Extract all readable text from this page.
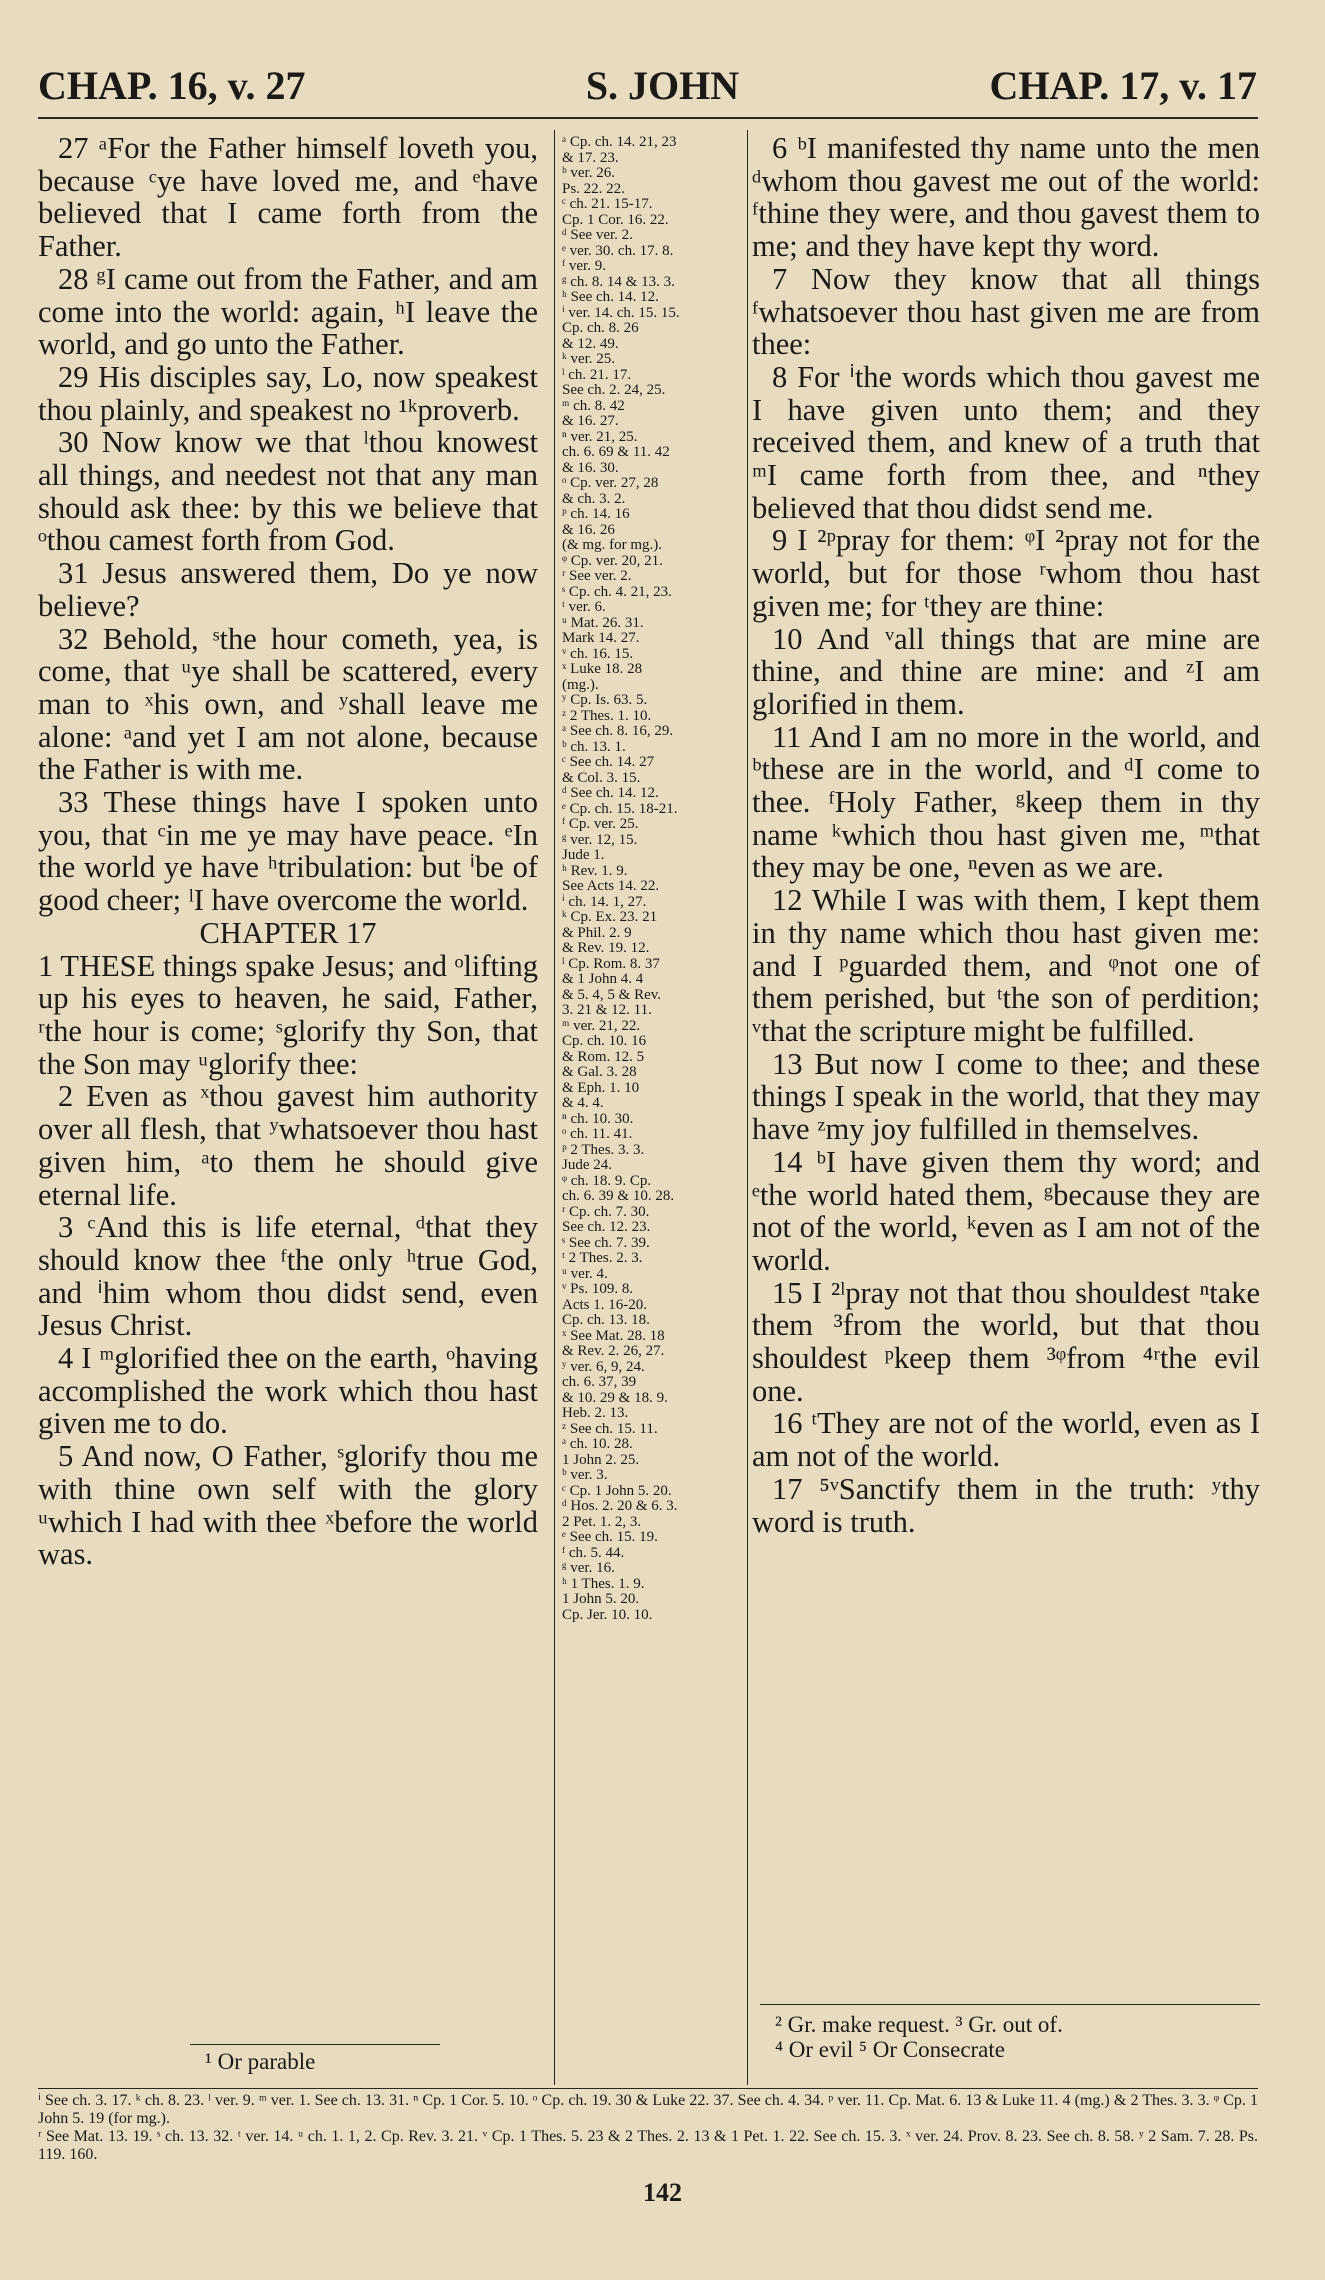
CHAP. 16, v. 27	S. JOHN	CHAP. 17, v. 17

27 ᵃFor the Father himself loveth you, because ᶜye have loved me, and ᵉhave believed that I came forth from the Father.

28 ᵍI came out from the Father, and am come into the world: again, ʰI leave the world, and go unto the Father.

29 His disciples say, Lo, now speakest thou plainly, and speakest no ¹ᵏproverb.

30 Now know we that ˡthou knowest all things, and needest not that any man should ask thee: by this we believe that ᵒthou camest forth from God.

31 Jesus answered them, Do ye now believe?

32 Behold, ˢthe hour cometh, yea, is come, that ᵘye shall be scattered, every man to ˣhis own, and ʸshall leave me alone: ᵃand yet I am not alone, because the Father is with me.

33 These things have I spoken unto you, that ᶜin me ye may have peace. ᵉIn the world ye have ʰtribulation: but ⁱbe of good cheer; ˡI have overcome the world.

CHAPTER 17

1 THESE things spake Jesus; and ᵒlifting up his eyes to heaven, he said, Father, ʳthe hour is come; ˢglorify thy Son, that the Son may ᵘglorify thee:

2 Even as ˣthou gavest him authority over all flesh, that ʸwhatsoever thou hast given him, ᵃto them he should give eternal life.

3 ᶜAnd this is life eternal, ᵈthat they should know thee ᶠthe only ʰtrue God, and ⁱhim whom thou didst send, even Jesus Christ.

4 I ᵐglorified thee on the earth, ᵒhaving accomplished the work which thou hast given me to do.

5 And now, O Father, ˢglorify thou me with thine own self with the glory ᵘwhich I had with thee ˣbefore the world was.

¹ Or parable

ᵃ Cp. ch. 14. 21, 23
& 17. 23.
ᵇ ver. 26.
Ps. 22. 22.
ᶜ ch. 21. 15-17.
Cp. 1 Cor. 16. 22.
ᵈ See ver. 2.
ᵉ ver. 30. ch. 17. 8.
ᶠ ver. 9.
ᵍ ch. 8. 14 & 13. 3.
ʰ See ch. 14. 12.
ⁱ ver. 14. ch. 15. 15.
Cp. ch. 8. 26
& 12. 49.
ᵏ ver. 25.
ˡ ch. 21. 17.
See ch. 2. 24, 25.
ᵐ ch. 8. 42
& 16. 27.
ⁿ ver. 21, 25.
ch. 6. 69 & 11. 42
& 16. 30.
ᵒ Cp. ver. 27, 28
& ch. 3. 2.
ᵖ ch. 14. 16
& 16. 26
(& mg. for mg.).
ᵠ Cp. ver. 20, 21.
ʳ See ver. 2.
ˢ Cp. ch. 4. 21, 23.
ᵗ ver. 6.
ᵘ Mat. 26. 31.
Mark 14. 27.
ᵛ ch. 16. 15.
ˣ Luke 18. 28
(mg.).
ʸ Cp. Is. 63. 5.
ᶻ 2 Thes. 1. 10.
ᵃ See ch. 8. 16, 29.
ᵇ ch. 13. 1.
ᶜ See ch. 14. 27
& Col. 3. 15.
ᵈ See ch. 14. 12.
ᵉ Cp. ch. 15. 18-21.
ᶠ Cp. ver. 25.
ᵍ ver. 12, 15.
Jude 1.
ʰ Rev. 1. 9.
See Acts 14. 22.
ⁱ ch. 14. 1, 27.
ᵏ Cp. Ex. 23. 21
& Phil. 2. 9
& Rev. 19. 12.
ˡ Cp. Rom. 8. 37
& 1 John 4. 4
& 5. 4, 5 & Rev.
3. 21 & 12. 11.
ᵐ ver. 21, 22.
Cp. ch. 10. 16
& Rom. 12. 5
& Gal. 3. 28
& Eph. 1. 10
& 4. 4.
ⁿ ch. 10. 30.
ᵒ ch. 11. 41.
ᵖ 2 Thes. 3. 3.
Jude 24.
ᵠ ch. 18. 9. Cp.
ch. 6. 39 & 10. 28.
ʳ Cp. ch. 7. 30.
See ch. 12. 23.
ˢ See ch. 7. 39.
ᵗ 2 Thes. 2. 3.
ᵘ ver. 4.
ᵛ Ps. 109. 8.
Acts 1. 16-20.
Cp. ch. 13. 18.
ˣ See Mat. 28. 18
& Rev. 2. 26, 27.
ʸ ver. 6, 9, 24.
ch. 6. 37, 39
& 10. 29 & 18. 9.
Heb. 2. 13.
ᶻ See ch. 15. 11.
ᵃ ch. 10. 28.
1 John 2. 25.
ᵇ ver. 3.
ᶜ Cp. 1 John 5. 20.
ᵈ Hos. 2. 20 & 6. 3.
2 Pet. 1. 2, 3.
ᵉ See ch. 15. 19.
ᶠ ch. 5. 44.
ᵍ ver. 16.
ʰ 1 Thes. 1. 9.
1 John 5. 20.
Cp. Jer. 10. 10.

6 ᵇI manifested thy name unto the men ᵈwhom thou gavest me out of the world: ᶠthine they were, and thou gavest them to me; and they have kept thy word.

7 Now they know that all things ᶠwhatsoever thou hast given me are from thee:

8 For ⁱthe words which thou gavest me I have given unto them; and they received them, and knew of a truth that ᵐI came forth from thee, and ⁿthey believed that thou didst send me.

9 I ²ᵖpray for them: ᵠI ²pray not for the world, but for those ʳwhom thou hast given me; for ᵗthey are thine:

10 And ᵛall things that are mine are thine, and thine are mine: and ᶻI am glorified in them.

11 And I am no more in the world, and ᵇthese are in the world, and ᵈI come to thee. ᶠHoly Father, ᵍkeep them in thy name ᵏwhich thou hast given me, ᵐthat they may be one, ⁿeven as we are.

12 While I was with them, I kept them in thy name which thou hast given me: and I ᵖguarded them, and ᵠnot one of them perished, but ᵗthe son of perdition; ᵛthat the scripture might be fulfilled.

13 But now I come to thee; and these things I speak in the world, that they may have ᶻmy joy fulfilled in themselves.

14 ᵇI have given them thy word; and ᵉthe world hated them, ᵍbecause they are not of the world, ᵏeven as I am not of the world.

15 I ²ˡpray not that thou shouldest ⁿtake them ³from the world, but that thou shouldest ᵖkeep them ³ᵠfrom ⁴ʳthe evil one.

16 ᵗThey are not of the world, even as I am not of the world.

17 ⁵ᵛSanctify them in the truth: ʸthy word is truth.

² Gr. make request. ³ Gr. out of.
⁴ Or evil ⁵ Or Consecrate
ⁱ See ch. 3. 17. ᵏ ch. 8. 23. ˡ ver. 9. ᵐ ver. 1. See ch. 13. 31. ⁿ Cp. 1 Cor. 5. 10. ᵒ Cp. ch. 19. 30 & Luke 22. 37. See ch. 4. 34. ᵖ ver. 11. Cp. Mat. 6. 13 & Luke 11. 4 (mg.) & 2 Thes. 3. 3. ᵠ Cp. 1 John 5. 19 (for mg.).
ʳ See Mat. 13. 19. ˢ ch. 13. 32. ᵗ ver. 14. ᵘ ch. 1. 1, 2. Cp. Rev. 3. 21. ᵛ Cp. 1 Thes. 5. 23 & 2 Thes. 2. 13 & 1 Pet. 1. 22. See ch. 15. 3. ˣ ver. 24. Prov. 8. 23. See ch. 8. 58. ʸ 2 Sam. 7. 28. Ps. 119. 160.
142
